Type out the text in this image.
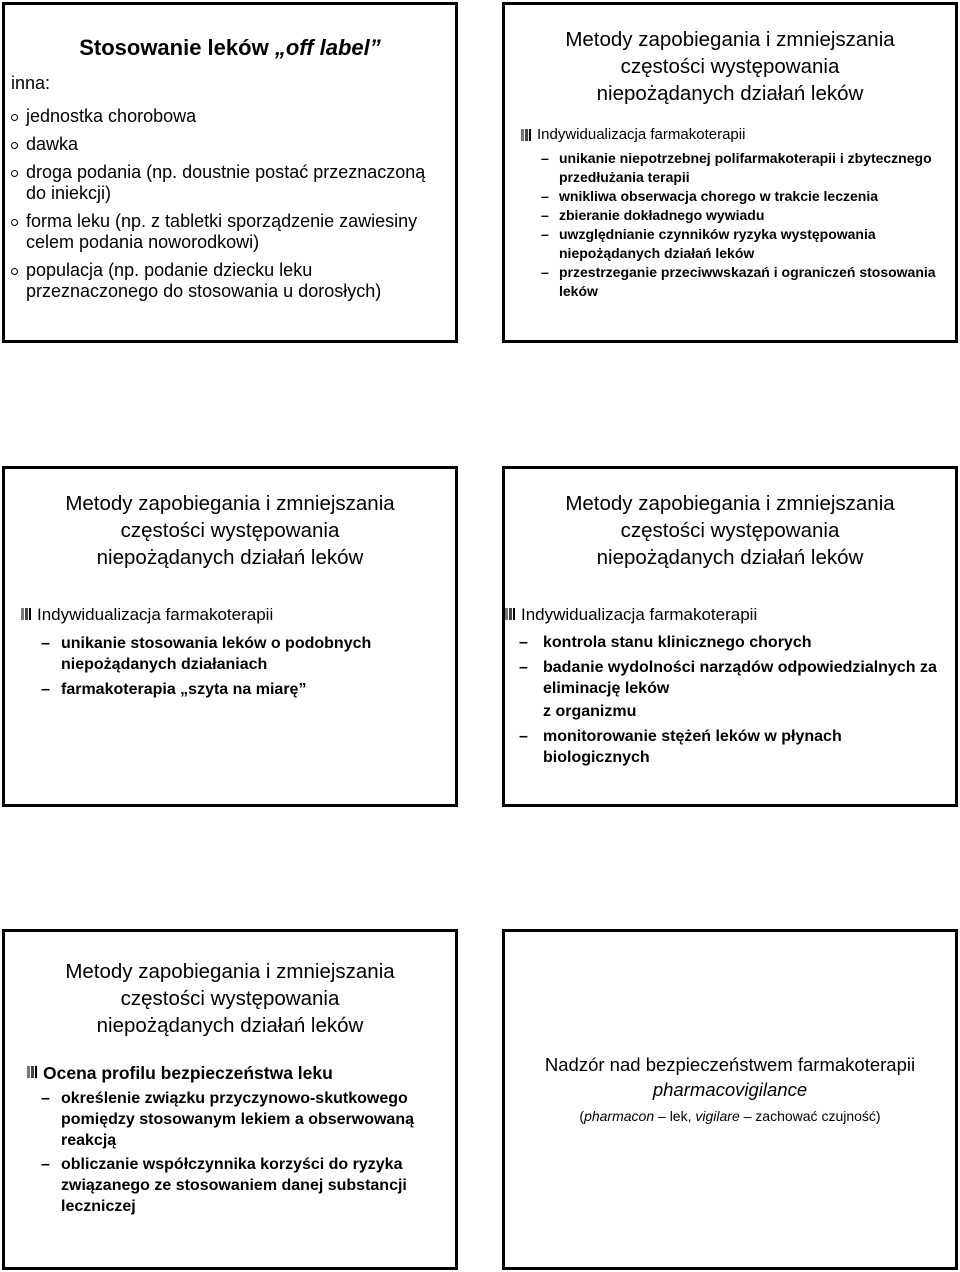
Stosowanie leków „off label”
inna:
jednostka chorobowa
dawka
droga podania (np. doustnie postać przeznaczoną do iniekcji)
forma leku (np. z tabletki sporządzenie zawiesiny celem podania noworodkowi)
populacja (np. podanie dziecku leku przeznaczonego do stosowania u dorosłych)
Metody zapobiegania i zmniejszania
częstości występowania
niepożądanych działań leków
Indywidualizacja farmakoterapii
– unikanie niepotrzebnej polifarmakoterapii i zbytecznego przedłużania terapii
– wnikliwa obserwacja chorego w trakcie leczenia
– zbieranie dokładnego wywiadu
– uwzględnianie czynników ryzyka występowania niepożądanych działań leków
– przestrzeganie przeciwwskazań i ograniczeń stosowania leków
Metody zapobiegania i zmniejszania
częstości występowania
niepożądanych działań leków
Indywidualizacja farmakoterapii
– unikanie stosowania leków o podobnych niepożądanych działaniach
– farmakoterapia „szyta na miarę”
Metody zapobiegania i zmniejszania
częstości występowania
niepożądanych działań leków
Indywidualizacja farmakoterapii
– kontrola stanu klinicznego chorych
– badanie wydolności narządów odpowiedzialnych za eliminację leków
z organizmu
– monitorowanie stężeń leków w płynach biologicznych
Metody zapobiegania i zmniejszania
częstości występowania
niepożądanych działań leków
Ocena profilu bezpieczeństwa leku
– określenie związku przyczynowo-skutkowego pomiędzy stosowanym lekiem a obserwowaną reakcją
– obliczanie współczynnika korzyści do ryzyka związanego ze stosowaniem danej substancji leczniczej
Nadzór nad bezpieczeństwem farmakoterapii
pharmacovigilance
(pharmacon – lek, vigilare – zachować czujność)
